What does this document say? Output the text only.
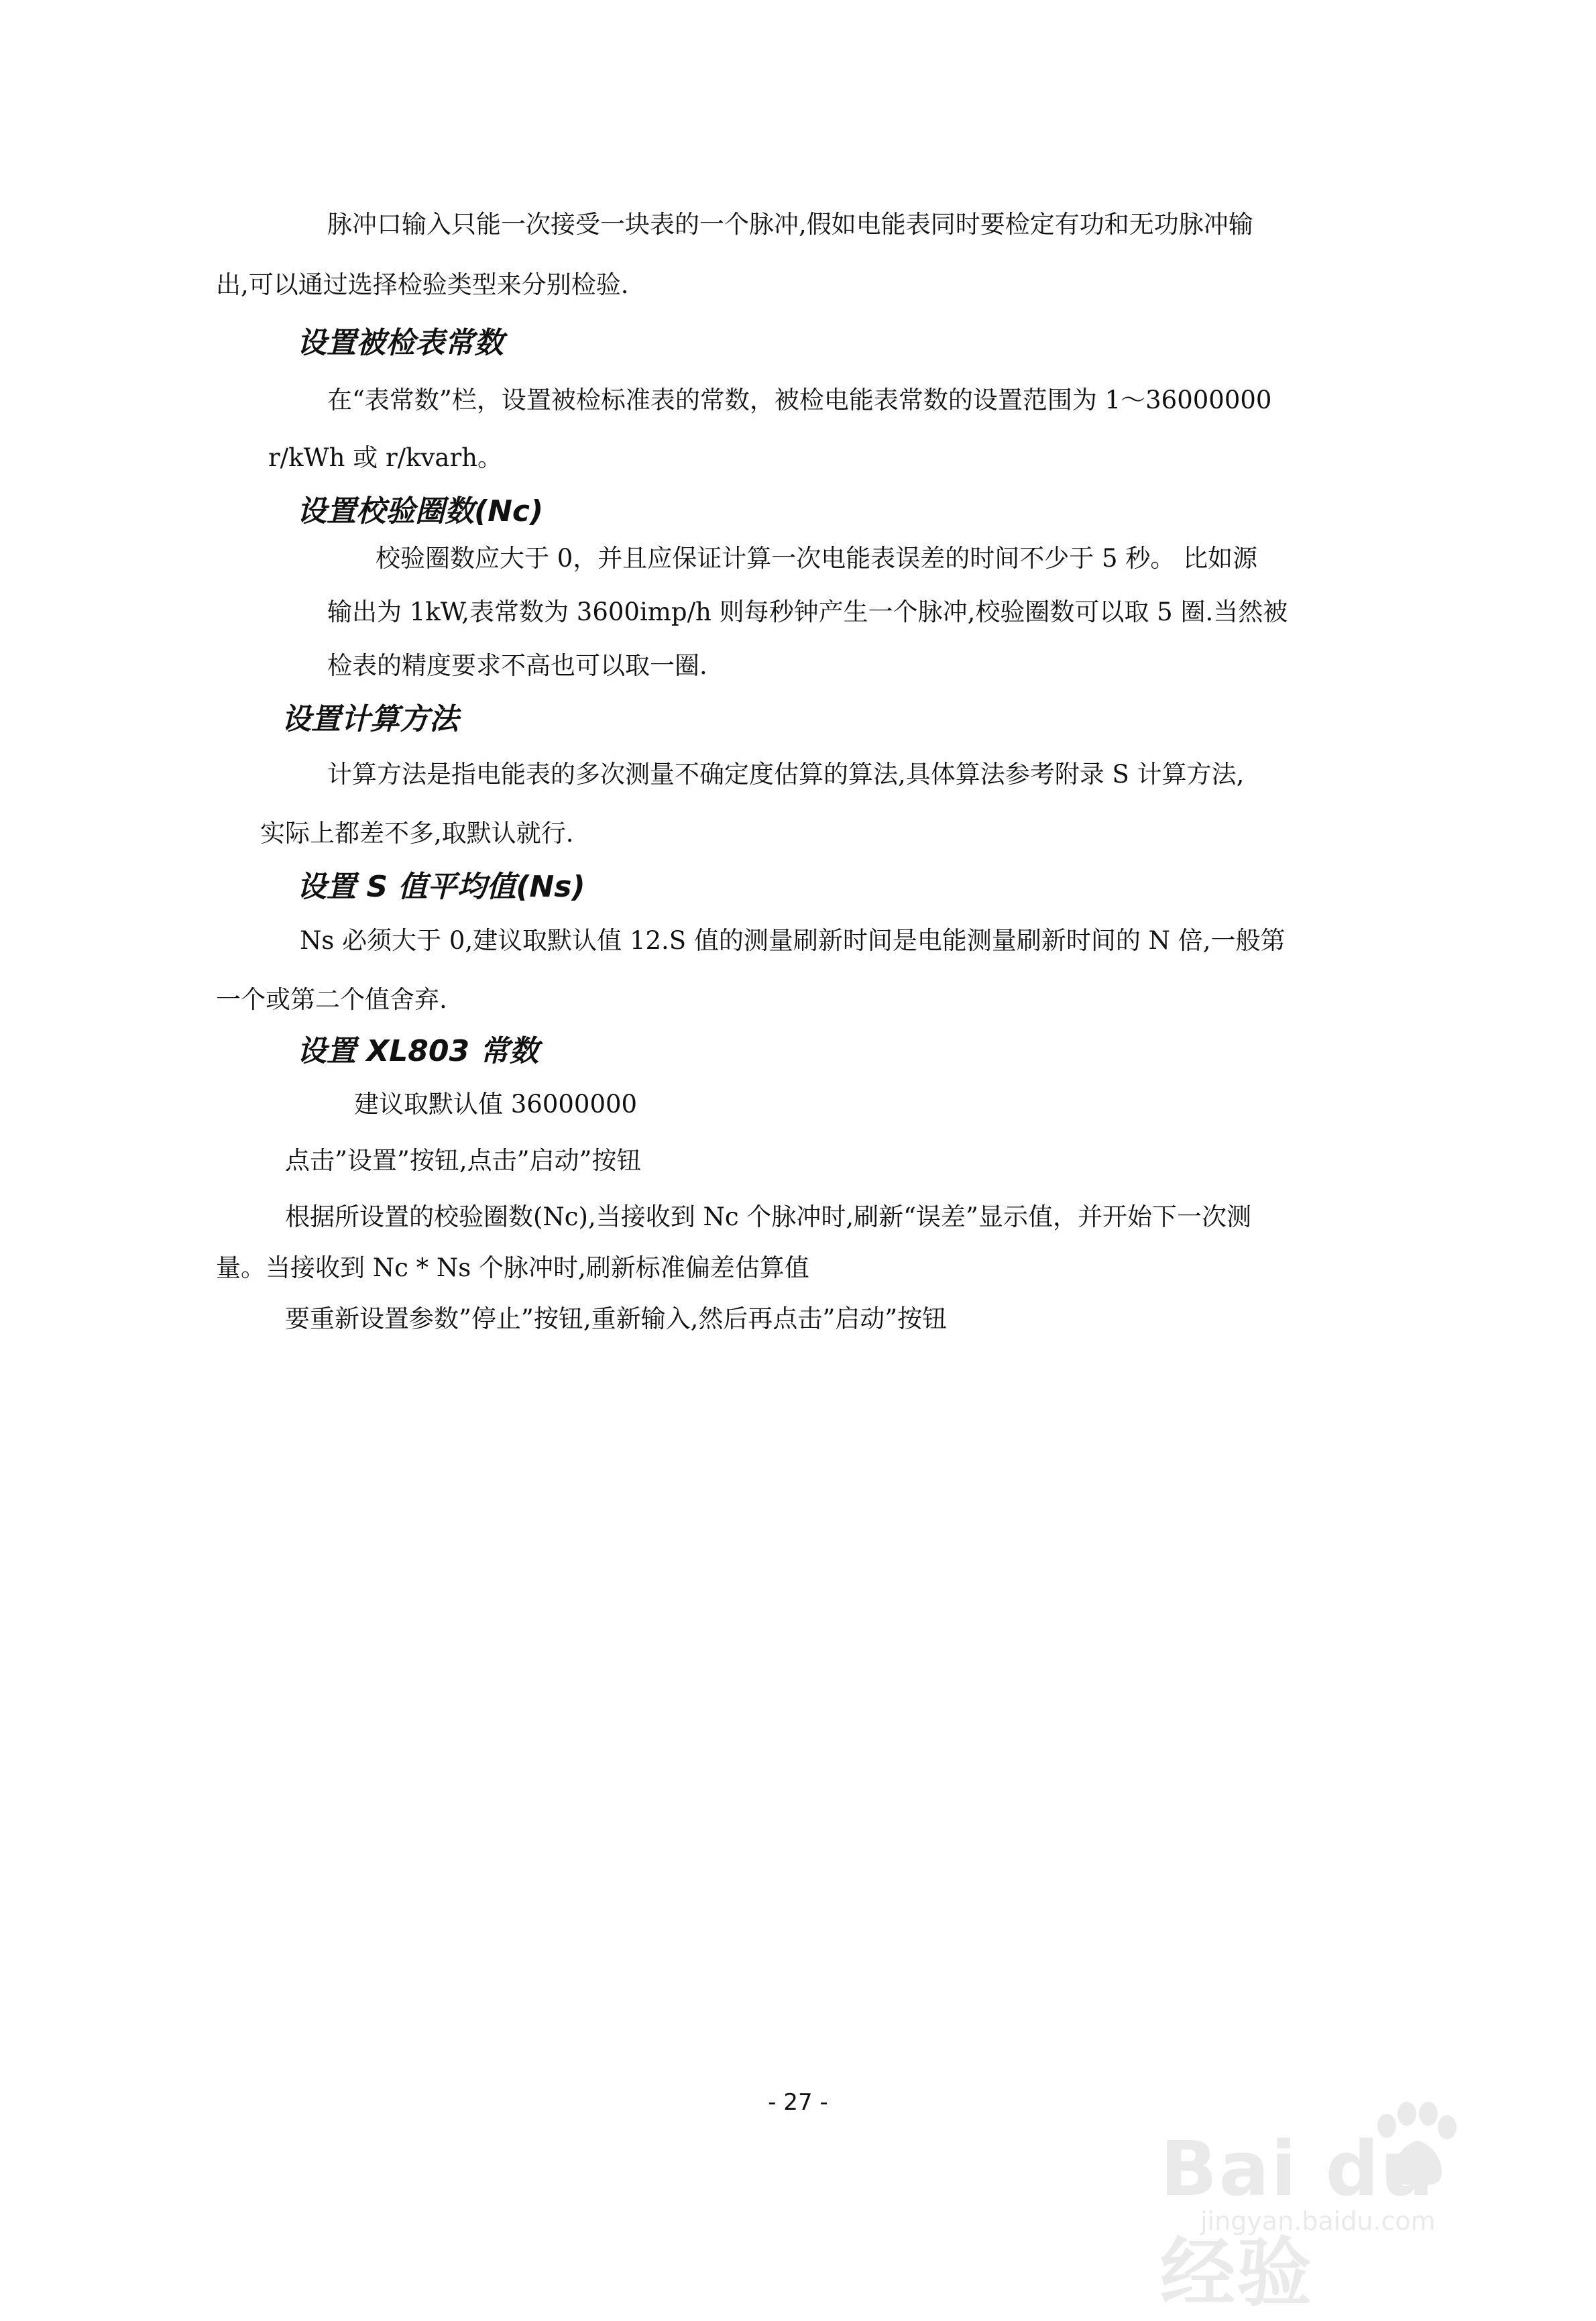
脉冲口输入只能一次接受一块表的一个脉冲,假如电能表同时要检定有功和无功脉冲输
出,可以通过选择检验类型来分别检验.
设置被检表常数
在“表常数”栏，设置被检标准表的常数，被检电能表常数的设置范围为 1～36000000
r/kWh 或 r/kvarh。
设置校验圈数(Nc)
校验圈数应大于 0，并且应保证计算一次电能表误差的时间不少于 5 秒。 比如源
输出为 1kW,表常数为 3600imp/h 则每秒钟产生一个脉冲,校验圈数可以取 5 圈.当然被
检表的精度要求不高也可以取一圈.
设置计算方法
计算方法是指电能表的多次测量不确定度估算的算法,具体算法参考附录 S 计算方法,
实际上都差不多,取默认就行.
设置 S 值平均值(Ns)
Ns 必须大于 0,建议取默认值 12.S 值的测量刷新时间是电能测量刷新时间的 N 倍,一般第
一个或第二个值舍弃.
设置 XL803 常数
建议取默认值 36000000
点击”设置”按钮,点击”启动”按钮
根据所设置的校验圈数(Nc),当接收到 Nc 个脉冲时,刷新“误差”显示值，并开始下一次测
量。当接收到 Nc * Ns 个脉冲时,刷新标准偏差估算值
要重新设置参数”停止”按钮,重新输入,然后再点击”启动”按钮
- 27 -
Bai du 经验
jingyan.baidu.com
